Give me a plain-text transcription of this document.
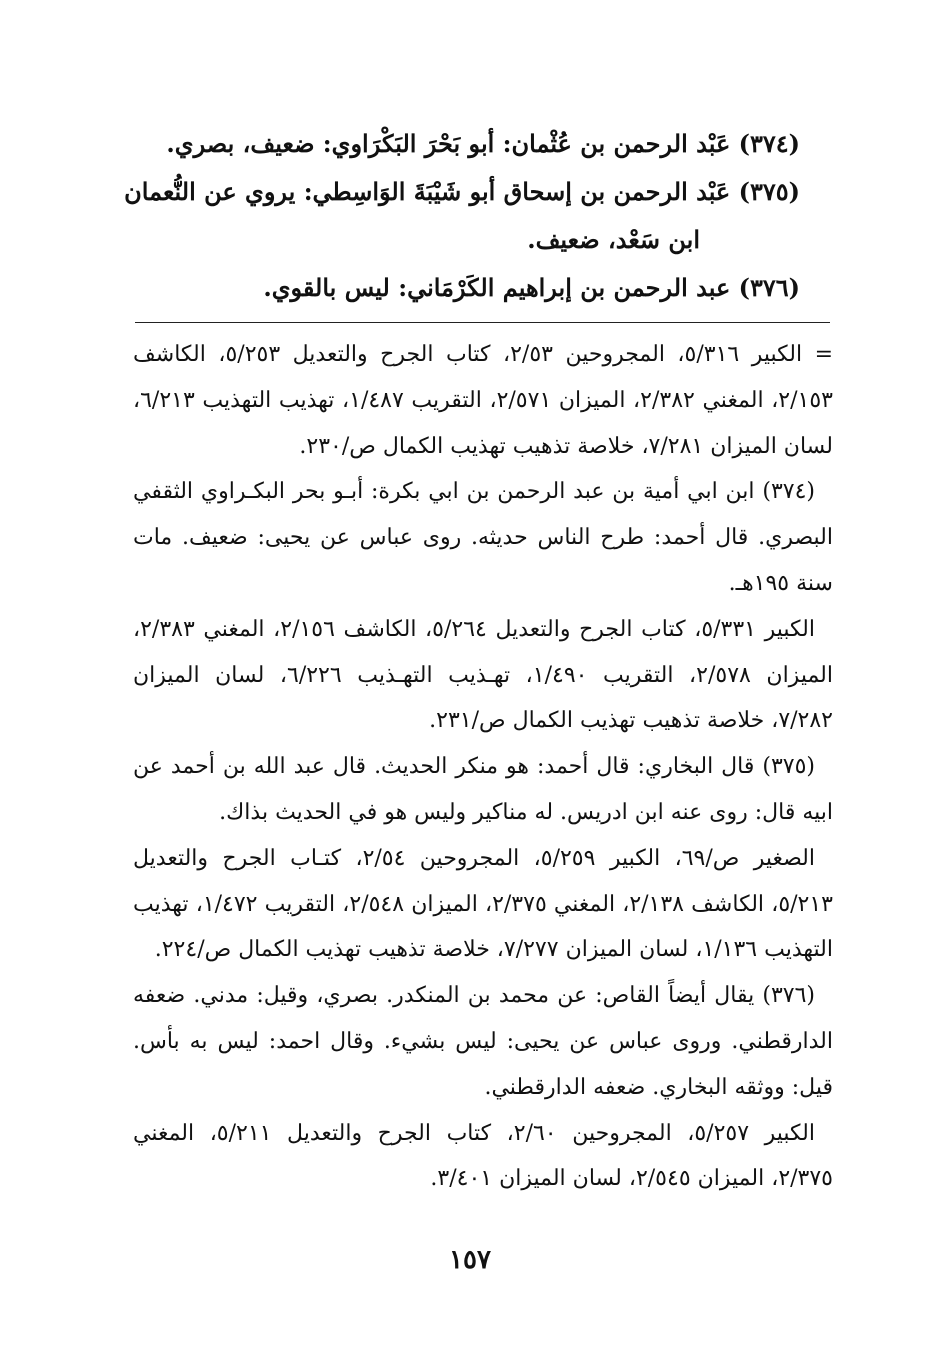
(٣٧٤) عَبْد الرحمن بن عُثْمان: أبو بَحْرَ البَكْرَاوي: ضعيف، بصري.

(٣٧٥) عَبْد الرحمن بن إسحاق أبو شَيْبَةَ الوَاسِطي: يروي عن النُّعمان

ابن سَعْد، ضعيف.

(٣٧٦) عبد الرحمن بن إبراهيم الكَرْمَاني: ليس بالقوي.

= الكبير ٥/٣١٦، المجروحين ٢/٥٣، كتاب الجرح والتعديل ٥/٢٥٣، الكاشف ٢/١٥٣، المغني ٢/٣٨٢، الميزان ٢/٥٧١، التقريب ١/٤٨٧، تهذيب التهذيب ٦/٢١٣، لسان الميزان ٧/٢٨١، خلاصة تذهيب تهذيب الكمال ص/٢٣٠.

(٣٧٤) ابن ابي أمية بن عبد الرحمن بن ابي بكرة: أبـو بحر البكـراوي الثقفي البصري. قال أحمد: طرح الناس حديثه. روى عباس عن يحيى: ضعيف. مات سنة ١٩٥هـ.

الكبير ٥/٣٣١، كتاب الجرح والتعديل ٥/٢٦٤، الكاشف ٢/١٥٦، المغني ٢/٣٨٣، الميزان ٢/٥٧٨، التقريب ١/٤٩٠، تهـذيب التهـذيب ٦/٢٢٦، لسان الميزان ٧/٢٨٢، خلاصة تذهيب تهذيب الكمال ص/٢٣١.

(٣٧٥) قال البخاري: قال أحمد: هو منكر الحديث. قال عبد الله بن أحمد عن ابيه قال: روى عنه ابن ادريس. له مناكير وليس هو في الحديث بذاك.

الصغير ص/٦٩، الكبير ٥/٢٥٩، المجروحين ٢/٥٤، كتـاب الجرح والتعديل ٥/٢١٣، الكاشف ٢/١٣٨، المغني ٢/٣٧٥، الميزان ٢/٥٤٨، التقريب ١/٤٧٢، تهذيب التهذيب ١/١٣٦، لسان الميزان ٧/٢٧٧، خلاصة تذهيب تهذيب الكمال ص/٢٢٤.

(٣٧٦) يقال أيضاً القاص: عن محمد بن المنكدر. بصري، وقيل: مدني. ضعفه الدارقطني. وروى عباس عن يحيى: ليس بشيء. وقال احمد: ليس به بأس. قيل: ووثقه البخاري. ضعفه الدارقطني.

الكبير ٥/٢٥٧، المجروحين ٢/٦٠، كتاب الجرح والتعديل ٥/٢١١، المغني ٢/٣٧٥، الميزان ٢/٥٤٥، لسان الميزان ٣/٤٠١.

١٥٧
